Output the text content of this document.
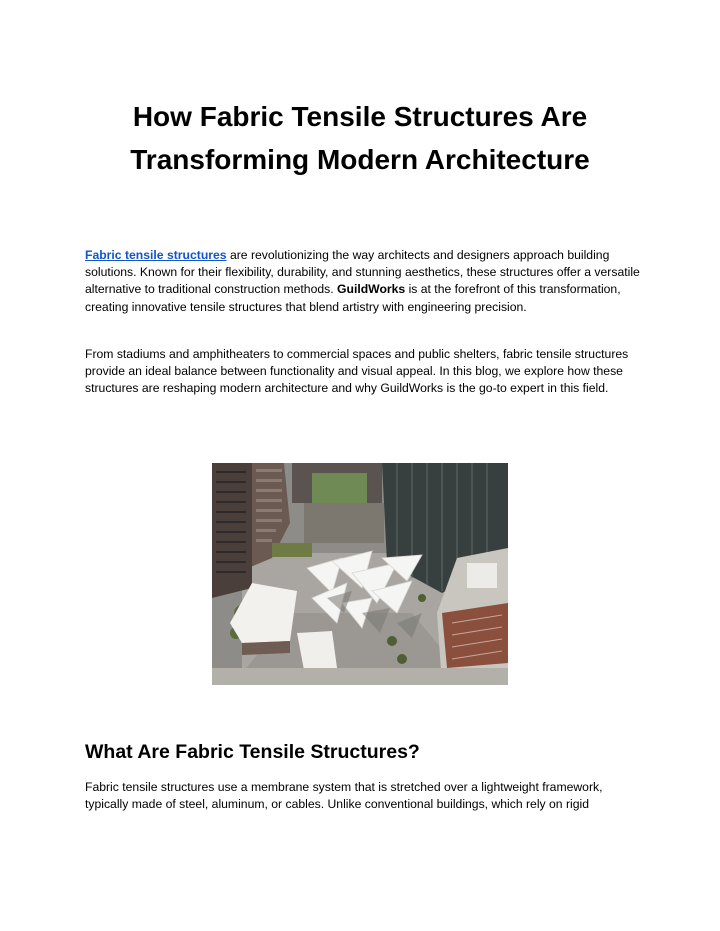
How Fabric Tensile Structures Are
Transforming Modern Architecture

Fabric tensile structures are revolutionizing the way architects and designers approach building solutions. Known for their flexibility, durability, and stunning aesthetics, these structures offer a versatile alternative to traditional construction methods. GuildWorks is at the forefront of this transformation, creating innovative tensile structures that blend artistry with engineering precision.

From stadiums and amphitheaters to commercial spaces and public shelters, fabric tensile structures provide an ideal balance between functionality and visual appeal. In this blog, we explore how these structures are reshaping modern architecture and why GuildWorks is the go-to expert in this field.

What Are Fabric Tensile Structures?

Fabric tensile structures use a membrane system that is stretched over a lightweight framework, typically made of steel, aluminum, or cables. Unlike conventional buildings, which rely on rigid
